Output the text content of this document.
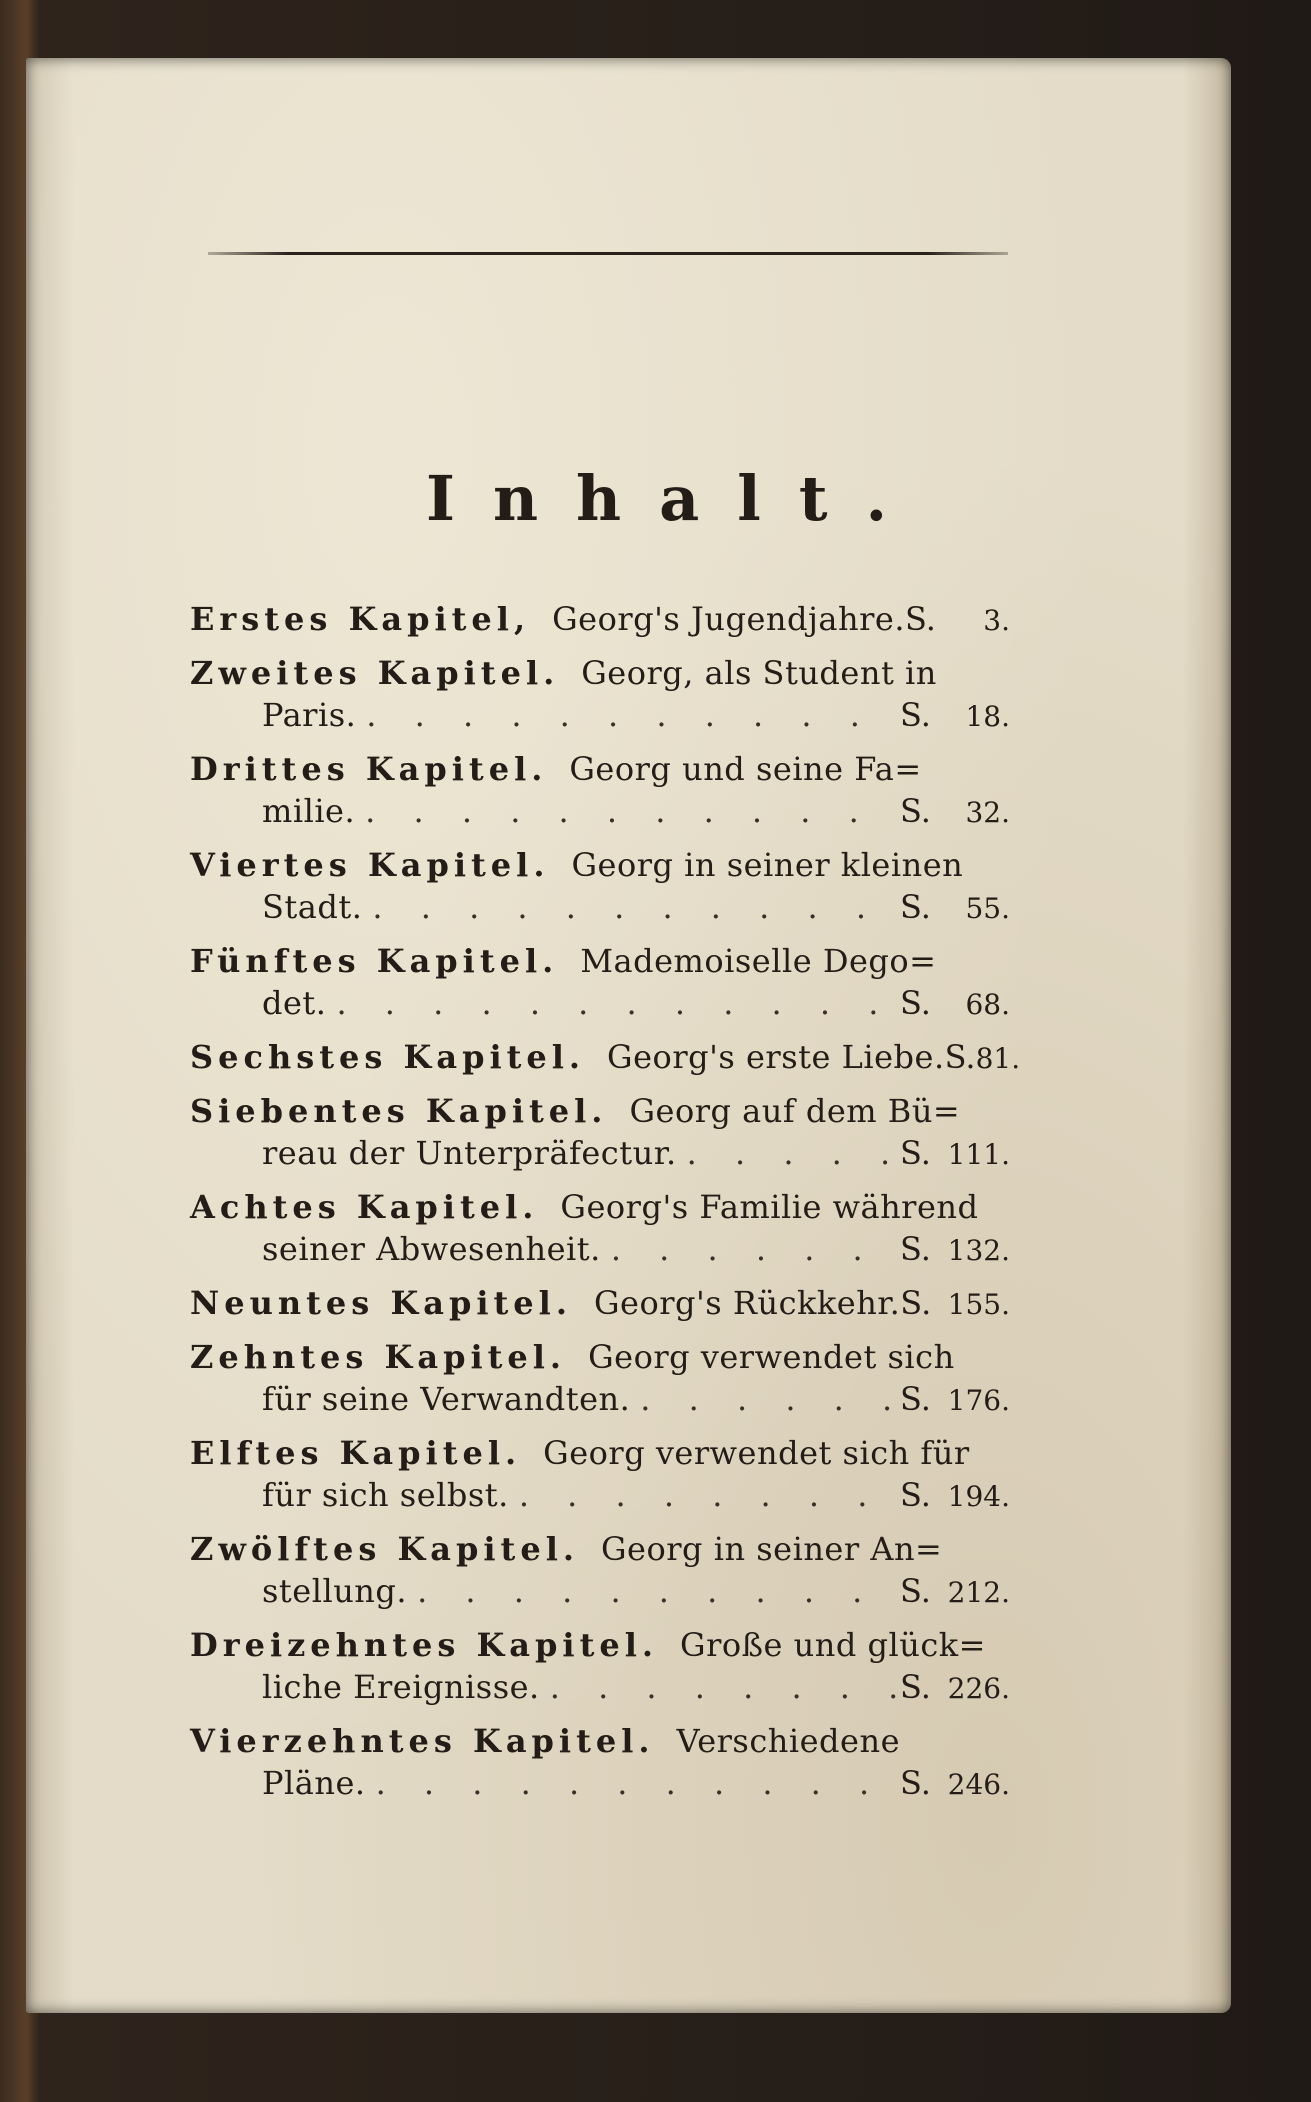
Inhalt.
Erstes Kapitel, Georg's Jugendjahre. S.	3.
Zweites Kapitel. Georg, als Student in
Paris. . . .	S.	18.
Drittes Kapitel. Georg und seine Fa=
milie. . . .	S.	32.
Viertes Kapitel. Georg in seiner kleinen
Stadt. . . .	S.	55.
Fünftes Kapitel. Mademoiselle Dego=
det. . . .	S.	68.
Sechstes Kapitel. Georg's erste Liebe. S. 81.
Siebentes Kapitel. Georg auf dem Bü=
reau der Unterpräfectur. . . .	S. 111.
Achtes Kapitel. Georg's Familie während
seiner Abwesenheit. . . .	S. 132.
Neuntes Kapitel. Georg's Rückkehr. S. 155.
Zehntes Kapitel. Georg verwendet sich
für seine Verwandten. . . .	S. 176.
Elftes Kapitel. Georg verwendet sich für
für sich selbst. . . .	S. 194.
Zwölftes Kapitel. Georg in seiner An=
stellung. . . .	S. 212.
Dreizehntes Kapitel. Große und glück=
liche Ereignisse. . . .	S. 226.
Vierzehntes Kapitel. Verschiedene
Pläne. . . .	S. 246.
